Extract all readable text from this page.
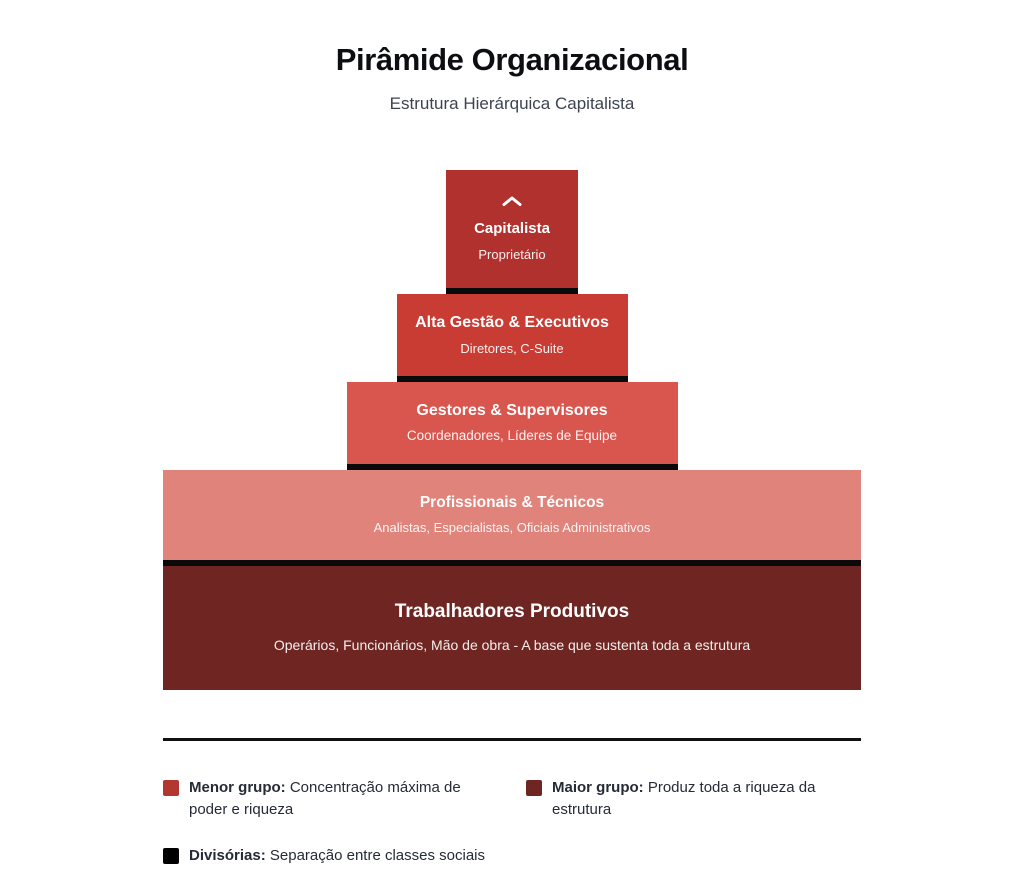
Pirâmide Organizacional

Estrutura Hierárquica Capitalista

Capitalista
Proprietário
Alta Gestão & Executivos
Diretores, C-Suite
Gestores & Supervisores
Coordenadores, Líderes de Equipe
Profissionais & Técnicos
Analistas, Especialistas, Oficiais Administrativos
Trabalhadores Produtivos
Operários, Funcionários, Mão de obra - A base que sustenta toda a estrutura

Menor grupo: Concentração máxima de poder e riqueza

Maior grupo: Produz toda a riqueza da estrutura

Divisórias: Separação entre classes sociais
